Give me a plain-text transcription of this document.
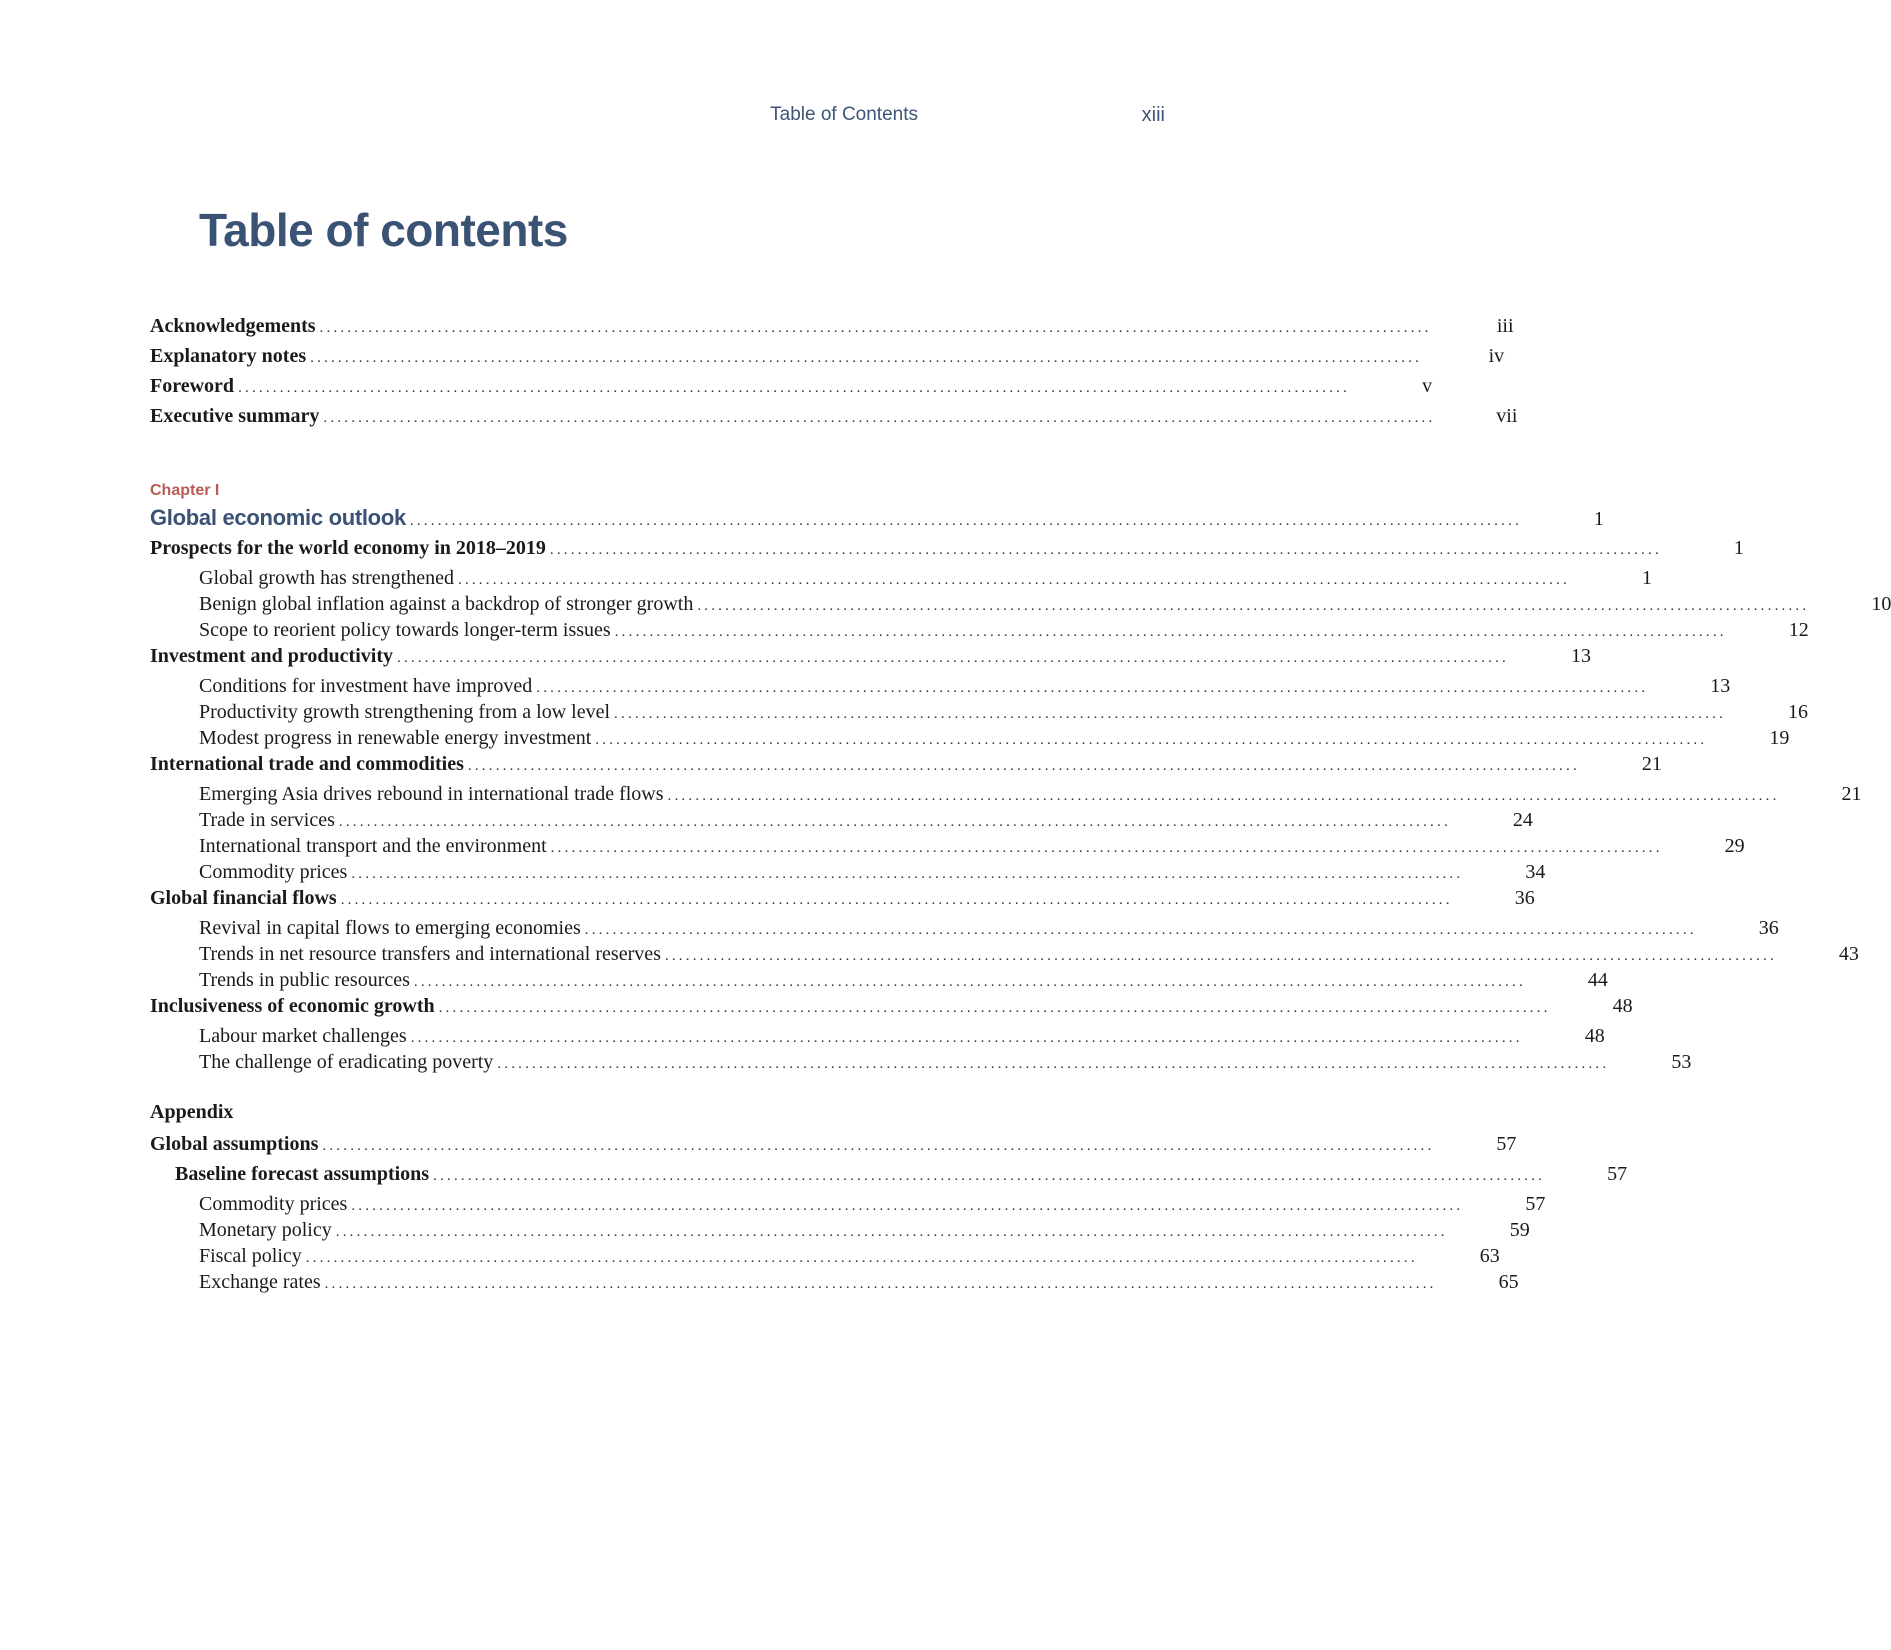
Table of Contents	xiii
Table of contents
Acknowledgements ................................................................................................................................................................	iii
Explanatory notes ................................................................................................................................................................	iv
Foreword ................................................................................................................................................................	v
Executive summary ................................................................................................................................................................	vii
Chapter I
Global economic outlook ................................................................................................................................................................	1
Prospects for the world economy in 2018–2019 ................................................................................................................................................................	1
Global growth has strengthened ................................................................................................................................................................	1
Benign global inflation against a backdrop of stronger growth ................................................................................................................................................................	10
Scope to reorient policy towards longer-term issues ................................................................................................................................................................	12
Investment and productivity ................................................................................................................................................................	13
Conditions for investment have improved ................................................................................................................................................................	13
Productivity growth strengthening from a low level ................................................................................................................................................................	16
Modest progress in renewable energy investment ................................................................................................................................................................	19
International trade and commodities ................................................................................................................................................................	21
Emerging Asia drives rebound in international trade flows ................................................................................................................................................................	21
Trade in services ................................................................................................................................................................	24
International transport and the environment ................................................................................................................................................................	29
Commodity prices ................................................................................................................................................................	34
Global financial flows ................................................................................................................................................................	36
Revival in capital flows to emerging economies ................................................................................................................................................................	36
Trends in net resource transfers and international reserves ................................................................................................................................................................	43
Trends in public resources ................................................................................................................................................................	44
Inclusiveness of economic growth ................................................................................................................................................................	48
Labour market challenges ................................................................................................................................................................	48
The challenge of eradicating poverty ................................................................................................................................................................	53
Appendix
Global assumptions ................................................................................................................................................................	57
Baseline forecast assumptions ................................................................................................................................................................	57
Commodity prices ................................................................................................................................................................	57
Monetary policy ................................................................................................................................................................	59
Fiscal policy ................................................................................................................................................................	63
Exchange rates ................................................................................................................................................................	65
